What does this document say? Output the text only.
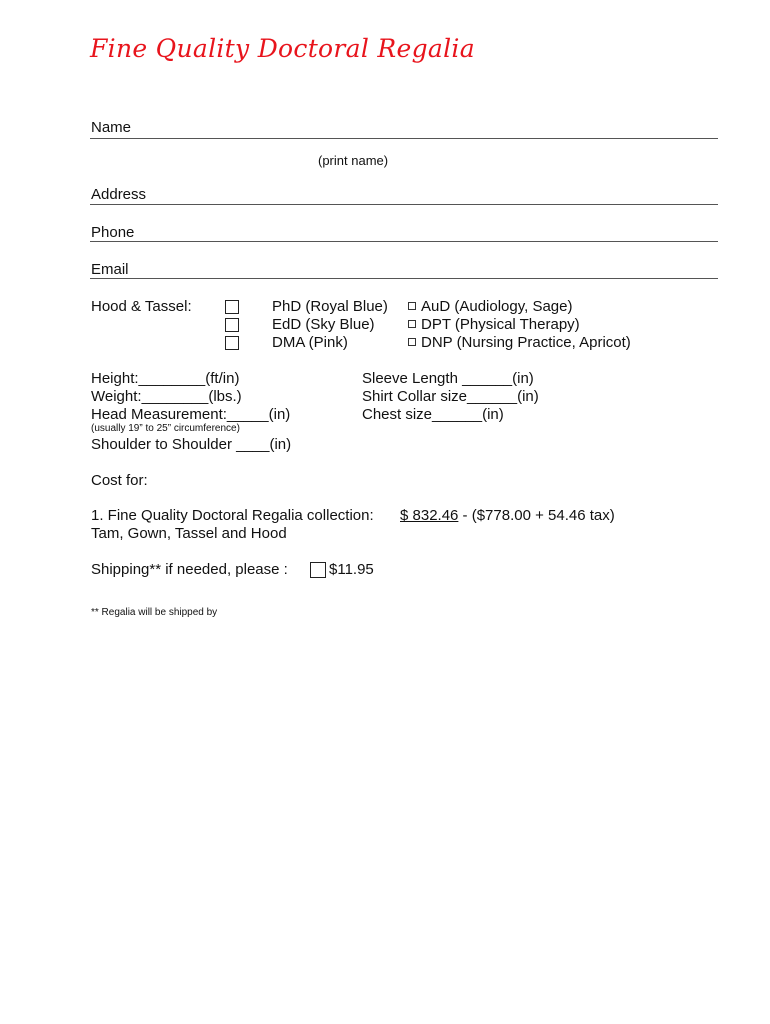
Fine Quality Doctoral Regalia
Name
(print name)
Address
Phone
Email
Hood & Tassel:	PhD (Royal Blue)
EdD (Sky Blue)
DMA (Pink)
AuD (Audiology, Sage)
DPT (Physical Therapy)
DNP (Nursing Practice, Apricot)
Height:________(ft/in)
Weight:________(lbs.)
Head Measurement:_____(in)
(usually 19” to 25” circumference)
Shoulder to Shoulder ____(in)
Sleeve Length ______(in)
Shirt Collar size______(in)
Chest size______(in)
Cost for:
1. Fine Quality Doctoral Regalia collection: $ 832.46 - ($778.00 + 54.46 tax)
Tam, Gown, Tassel and Hood
Shipping** if needed, please :	$11.95
** Regalia will be shipped by
